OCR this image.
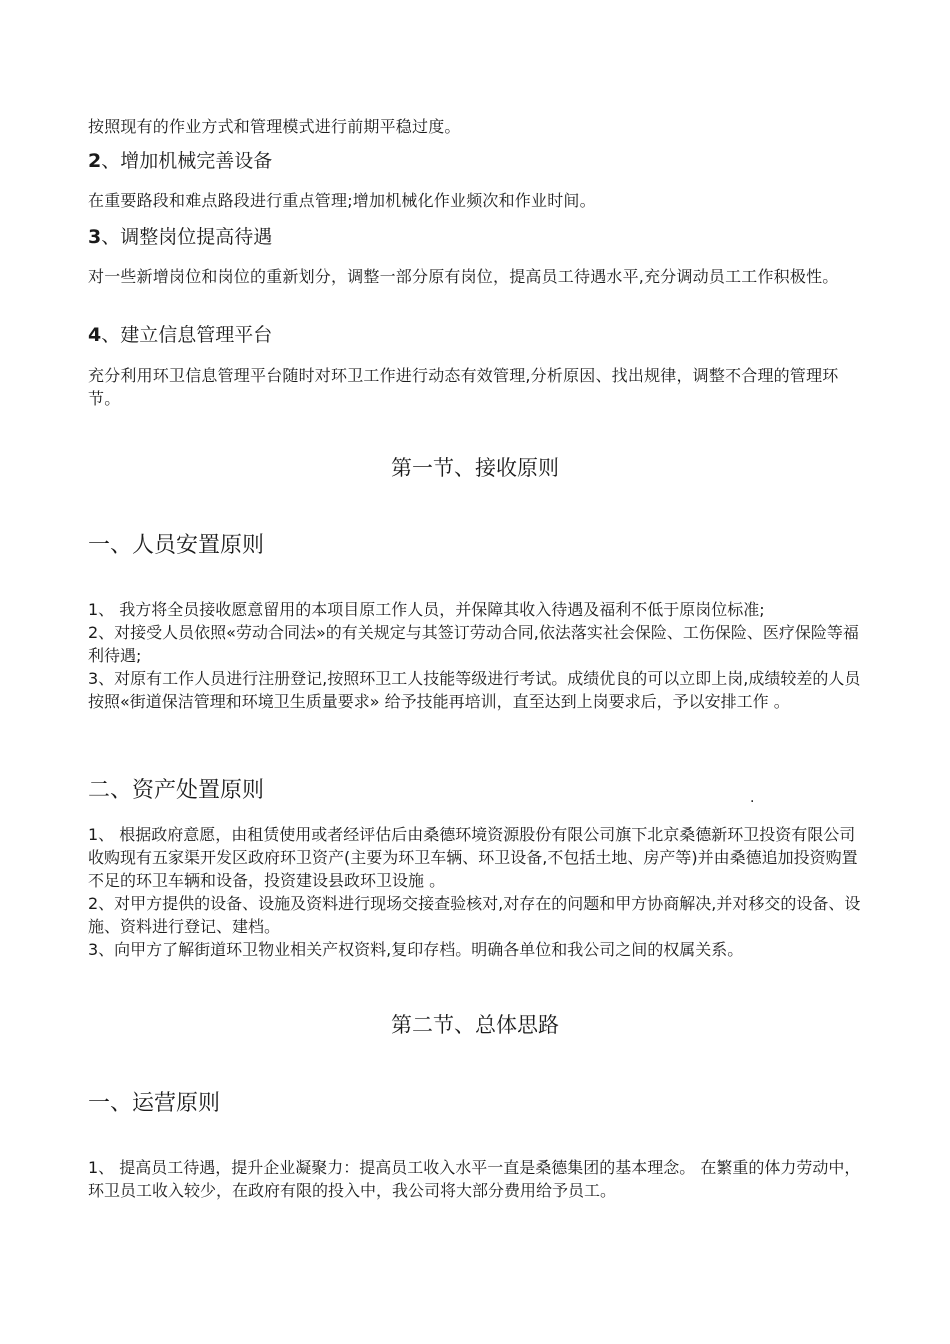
按照现有的作业方式和管理模式进行前期平稳过度。
2、增加机械完善设备
在重要路段和难点路段进行重点管理;增加机械化作业频次和作业时间。
3、调整岗位提高待遇
对一些新增岗位和岗位的重新划分，调整一部分原有岗位，提高员工待遇水平,充分调动员工工作积极性。
4、建立信息管理平台
充分利用环卫信息管理平台随时对环卫工作进行动态有效管理,分析原因、找出规律，调整不合理的管理环节。
第一节、接收原则
一、人员安置原则
1、 我方将全员接收愿意留用的本项目原工作人员，并保障其收入待遇及福利不低于原岗位标准;
2、对接受人员依照«劳动合同法»的有关规定与其签订劳动合同,依法落实社会保险、工伤保险、医疗保险等福利待遇;
3、对原有工作人员进行注册登记,按照环卫工人技能等级进行考试。成绩优良的可以立即上岗,成绩较差的人员按照«街道保洁管理和环境卫生质量要求» 给予技能再培训，直至达到上岗要求后，予以安排工作 。
二、资产处置原则	.
1、 根据政府意愿，由租赁使用或者经评估后由桑德环境资源股份有限公司旗下北京桑德新环卫投资有限公司收购现有五家渠开发区政府环卫资产(主要为环卫车辆、环卫设备,不包括土地、房产等)并由桑德追加投资购置不足的环卫车辆和设备，投资建设县政环卫设施 。
2、对甲方提供的设备、设施及资料进行现场交接查验核对,对存在的问题和甲方协商解决,并对移交的设备、设施、资料进行登记、建档。
3、向甲方了解街道环卫物业相关产权资料,复印存档。明确各单位和我公司之间的权属关系。
第二节、总体思路
一、运营原则
1、 提高员工待遇，提升企业凝聚力：提高员工收入水平一直是桑德集团的基本理念。 在繁重的体力劳动中，环卫员工收入较少，在政府有限的投入中，我公司将大部分费用给予员工。
